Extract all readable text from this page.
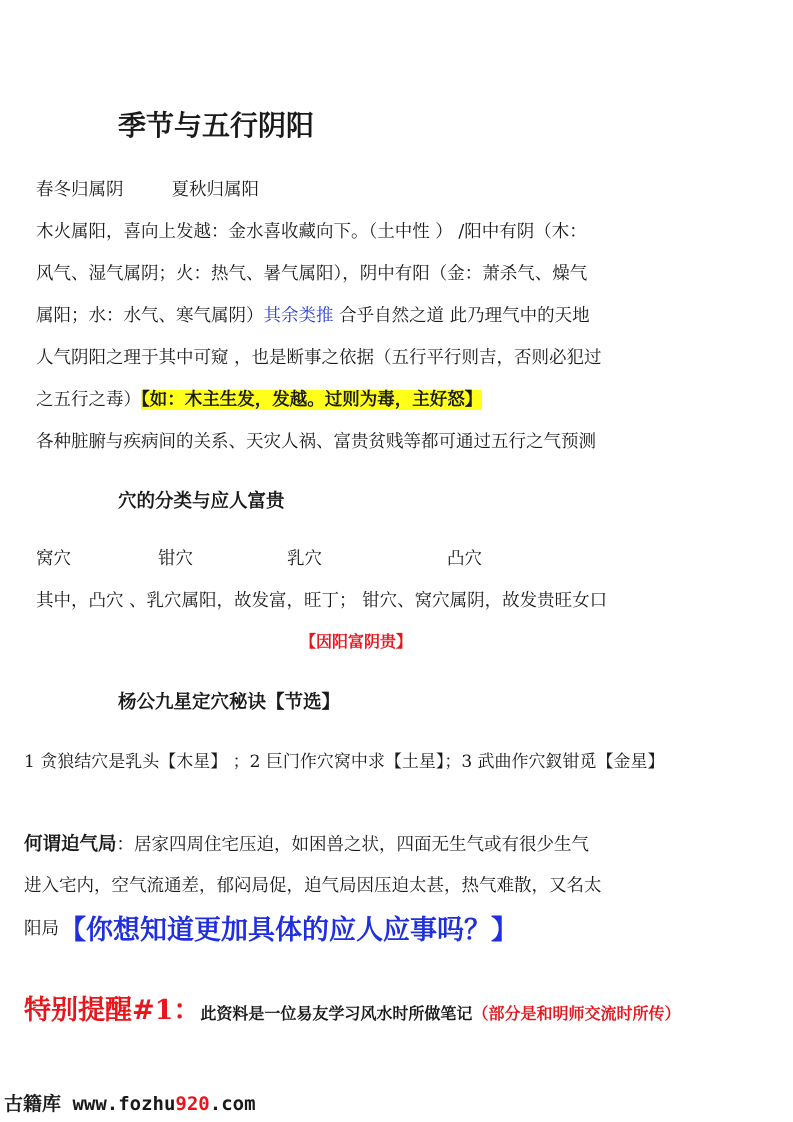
季节与五行阴阳
春冬归属阴	夏秋归属阳
木火属阳，喜向上发越：金水喜收藏向下。（土中性 ） /阳中有阴（木：
风气、湿气属阴；火：热气、暑气属阳），阴中有阳（金：萧杀气、燥气
属阳；水：水气、寒气属阴）其余类推 合乎自然之道 此乃理气中的天地
人气阴阳之理于其中可窥 ，也是断事之依据（五行平行则吉，否则必犯过
之五行之毒）【如：木主生发，发越。过则为毒，主好怒】
各种脏腑与疾病间的关系、天灾人祸、富贵贫贱等都可通过五行之气预测
穴的分类与应人富贵
窝穴	钳穴	乳穴	凸穴
其中，凸穴 、乳穴属阳，故发富，旺丁； 钳穴、窝穴属阴，故发贵旺女口
【因阳富阴贵】
杨公九星定穴秘诀【节选】
1 贪狼结穴是乳头【木星】 ；2 巨门作穴窝中求【土星】；3 武曲作穴釵钳觅【金星】
何谓迫气局：居家四周住宅压迫，如困兽之状，四面无生气或有很少生气
进入宅内，空气流通差，郁闷局促，迫气局因压迫太甚，热气难散，又名太
阳局【你想知道更加具体的应人应事吗？】
特别提醒#1：此资料是一位易友学习风水时所做笔记（部分是和明师交流时所传）
古籍库 www.fozhu920.com
